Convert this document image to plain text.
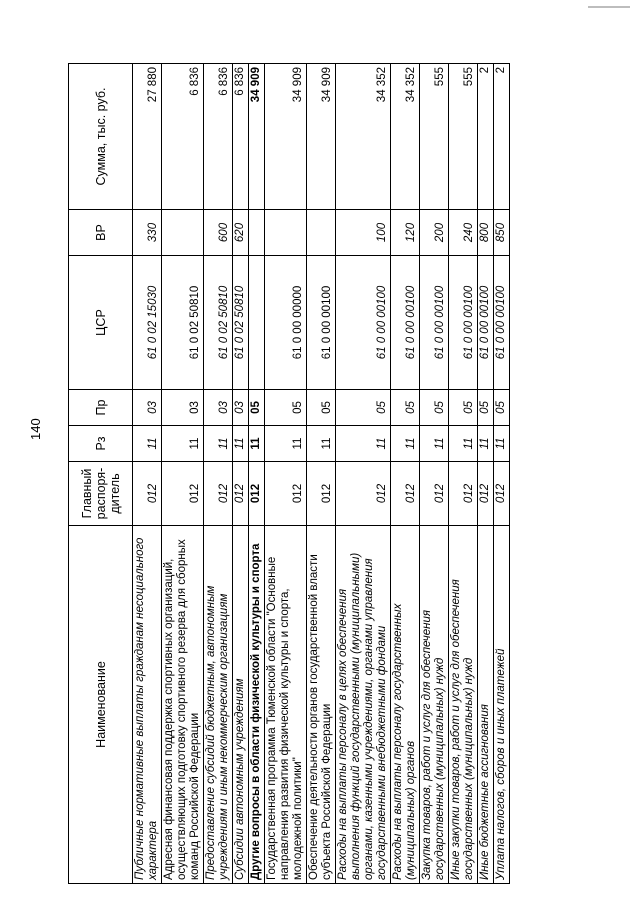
140
Наименование	Главный распоря-дитель	Рз	Пр	ЦСР	ВР	Сумма, тыс. руб.
Публичные нормативные выплаты гражданам несоциального характера	012	11	03	61 0 02 15030	330	27 880
Адресная финансовая поддержка спортивных организаций, осуществляющих подготовку спортивного резерва для сборных команд Российской Федерации	012	11	03	61 0 02 50810		6 836
Предоставление субсидий бюджетным, автономным учреждениям и иным некоммерческим организациям	012	11	03	61 0 02 50810	600	6 836
Субсидии автономным учреждениям	012	11	03	61 0 02 50810	620	6 836
Другие вопросы в области физической культуры и спорта	012	11	05			34 909
Государственная программа Тюменской области "Основные направления развития физической культуры и спорта, молодежной политики"	012	11	05	61 0 00 00000		34 909
Обеспечение деятельности органов государственной власти субъекта Российской Федерации	012	11	05	61 0 00 00100		34 909
Расходы на выплаты персоналу в целях обеспечения выполнения функций государственными (муниципальными) органами, казенными учреждениями, органами управления государственными внебюджетными фондами	012	11	05	61 0 00 00100	100	34 352
Расходы на выплаты персоналу государственных (муниципальных) органов	012	11	05	61 0 00 00100	120	34 352
Закупка товаров, работ и услуг для обеспечения государственных (муниципальных) нужд	012	11	05	61 0 00 00100	200	555
Иные закупки товаров, работ и услуг для обеспечения государственных (муниципальных) нужд	012	11	05	61 0 00 00100	240	555
Иные бюджетные ассигнования	012	11	05	61 0 00 00100	800	2
Уплата налогов, сборов и иных платежей	012	11	05	61 0 00 00100	850	2
